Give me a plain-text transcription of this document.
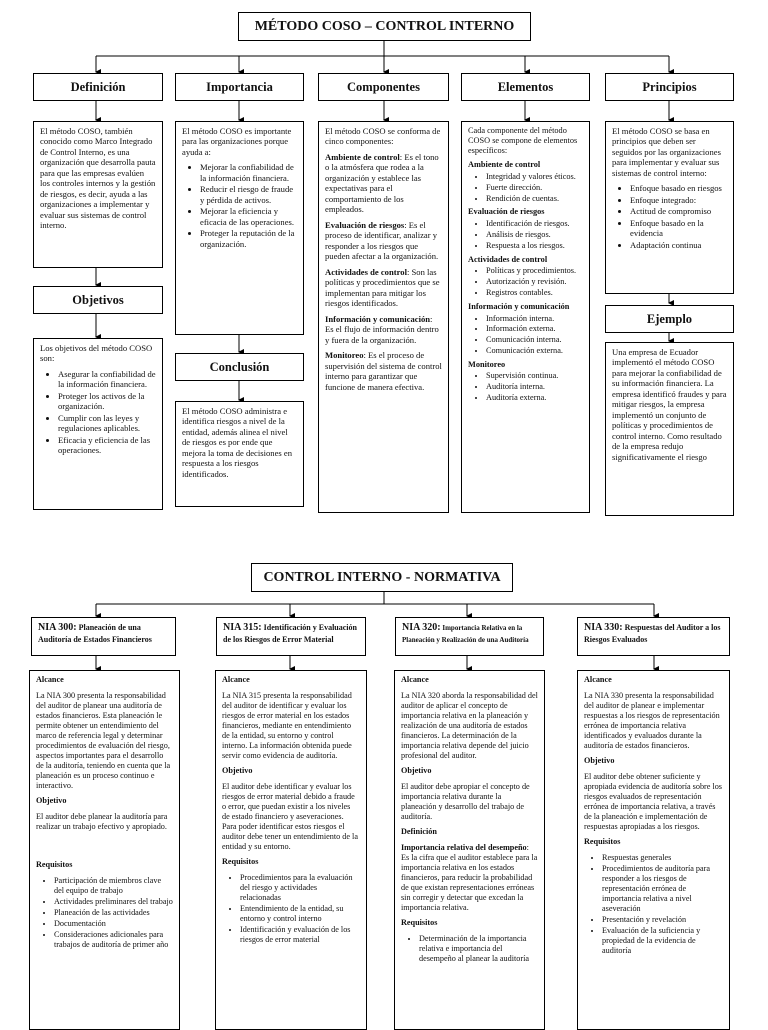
MÉTODO COSO – CONTROL INTERNO
Definición	Importancia	Componentes	Elementos	Principios

El método COSO, también conocido como Marco Integrado de Control Interno, es una organización que desarrolla pauta para que las empresas evalúen los controles internos y la gestión de riesgos, es decir, ayuda a las organizaciones a implementar y evaluar sus sistemas de control interno.

Objetivos

Los objetivos del método COSO son:

• Asegurar la confiabilidad de la información financiera.
• Proteger los activos de la organización.
• Cumplir con las leyes y regulaciones aplicables.
• Eficacia y eficiencia de las operaciones.

El método COSO es importante para las organizaciones porque ayuda a:

• Mejorar la confiabilidad de la información financiera.
• Reducir el riesgo de fraude y pérdida de activos.
• Mejorar la eficiencia y eficacia de las operaciones.
• Proteger la reputación de la organización.
Conclusión

El método COSO administra e identifica riesgos a nivel de la entidad, además alinea el nivel de riesgos es por ende que mejora la toma de decisiones en respuesta a los riesgos identificados.

El método COSO se conforma de cinco componentes:

Ambiente de control: Es el tono o la atmósfera que rodea a la organización y establece las expectativas para el comportamiento de los empleados.

Evaluación de riesgos: Es el proceso de identificar, analizar y responder a los riesgos que pueden afectar a la organización.

Actividades de control: Son las políticas y procedimientos que se implementan para mitigar los riesgos identificados.

Información y comunicación: Es el flujo de información dentro y fuera de la organización.

Monitoreo: Es el proceso de supervisión del sistema de control interno para garantizar que funcione de manera efectiva.

Cada componente del método COSO se compone de elementos específicos:

Ambiente de control
• Integridad y valores éticos.
• Fuerte dirección.
• Rendición de cuentas.
Evaluación de riesgos
• Identificación de riesgos.
• Análisis de riesgos.
• Respuesta a los riesgos.
Actividades de control
• Políticas y procedimientos.
• Autorización y revisión.
• Registros contables.
Información y comunicación
• Información interna.
• Información externa.
• Comunicación interna.
• Comunicación externa.
Monitoreo
• Supervisión continua.
• Auditoría interna.
• Auditoría externa.

El método COSO se basa en principios que deben ser seguidos por las organizaciones para implementar y evaluar sus sistemas de control interno:

• Enfoque basado en riesgos
• Enfoque integrado:
• Actitud de compromiso
• Enfoque basado en la evidencia
• Adaptación continua
Ejemplo

Una empresa de Ecuador implementó el método COSO para mejorar la confiabilidad de su información financiera. La empresa identificó fraudes y para mitigar riesgos, la empresa implementó un conjunto de políticas y procedimientos de control interno. Como resultado de la empresa redujo significativamente el riesgo

CONTROL INTERNO - NORMATIVA
NIA 300: Planeación de una Auditoría de Estados Financieros
NIA 315: Identificación y Evaluación de los Riesgos de Error Material
NIA 320: Importancia Relativa en la Planeación y Realización de una Auditoría
NIA 330: Respuestas del Auditor a los Riesgos Evaluados
Alcance

La NIA 300 presenta la responsabilidad del auditor de planear una auditoría de estados financieros. Esta planeación le permite obtener un entendimiento del marco de referencia legal y determinar procedimientos de evaluación del riesgo, aspectos importantes para el desarrollo de la auditoría, teniendo en cuenta que la planeación es un proceso continuo e interactivo.

Objetivo

El auditor debe planear la auditoría para realizar un trabajo efectivo y apropiado.

Requisitos
• Participación de miembros clave del equipo de trabajo
• Actividades preliminares del trabajo
• Planeación de las actividades
• Documentación
• Consideraciones adicionales para trabajos de auditoría de primer año
Alcance

La NIA 315 presenta la responsabilidad del auditor de identificar y evaluar los riesgos de error material en los estados financieros, mediante en entendimiento de la entidad, su entorno y control interno. La información obtenida puede servir como evidencia de auditoría.

Objetivo

El auditor debe identificar y evaluar los riesgos de error material debido a fraude o error, que puedan existir a los niveles de estado financiero y aseveraciones. Para poder identificar estos riesgos el auditor debe tener un entendimiento de la entidad y su entorno.

Requisitos
• Procedimientos para la evaluación del riesgo y actividades relacionadas
• Entendimiento de la entidad, su entorno y control interno
• Identificación y evaluación de los riesgos de error material
Alcance

La NIA 320 aborda la responsabilidad del auditor de aplicar el concepto de importancia relativa en la planeación y realización de una auditoría de estados financieros. La determinación de la importancia relativa depende del juicio profesional del auditor.

Objetivo

El auditor debe apropiar el concepto de importancia relativa durante la planeación y desarrollo del trabajo de auditoría.

Definición

Importancia relativa del desempeño: Es la cifra que el auditor establece para la importancia relativa en los estados financieros, para reducir la probabilidad de que existan representaciones erróneas sin corregir y detectar que excedan la importancia relativa.

Requisitos
• Determinación de la importancia relativa e importancia del desempeño al planear la auditoría
Alcance

La NIA 330 presenta la responsabilidad del auditor de planear e implementar respuestas a los riesgos de representación errónea de importancia relativa identificados y evaluados durante la auditoría de estados financieros.

Objetivo

El auditor debe obtener suficiente y apropiada evidencia de auditoría sobre los riesgos evaluados de representación errónea de importancia relativa, a través de la planeación e implementación de respuestas apropiadas a los riesgos.

Requisitos
• Respuestas generales
• Procedimientos de auditoría para responder a los riesgos de representación errónea de importancia relativa a nivel aseveración
• Presentación y revelación
• Evaluación de la suficiencia y propiedad de la evidencia de auditoría
